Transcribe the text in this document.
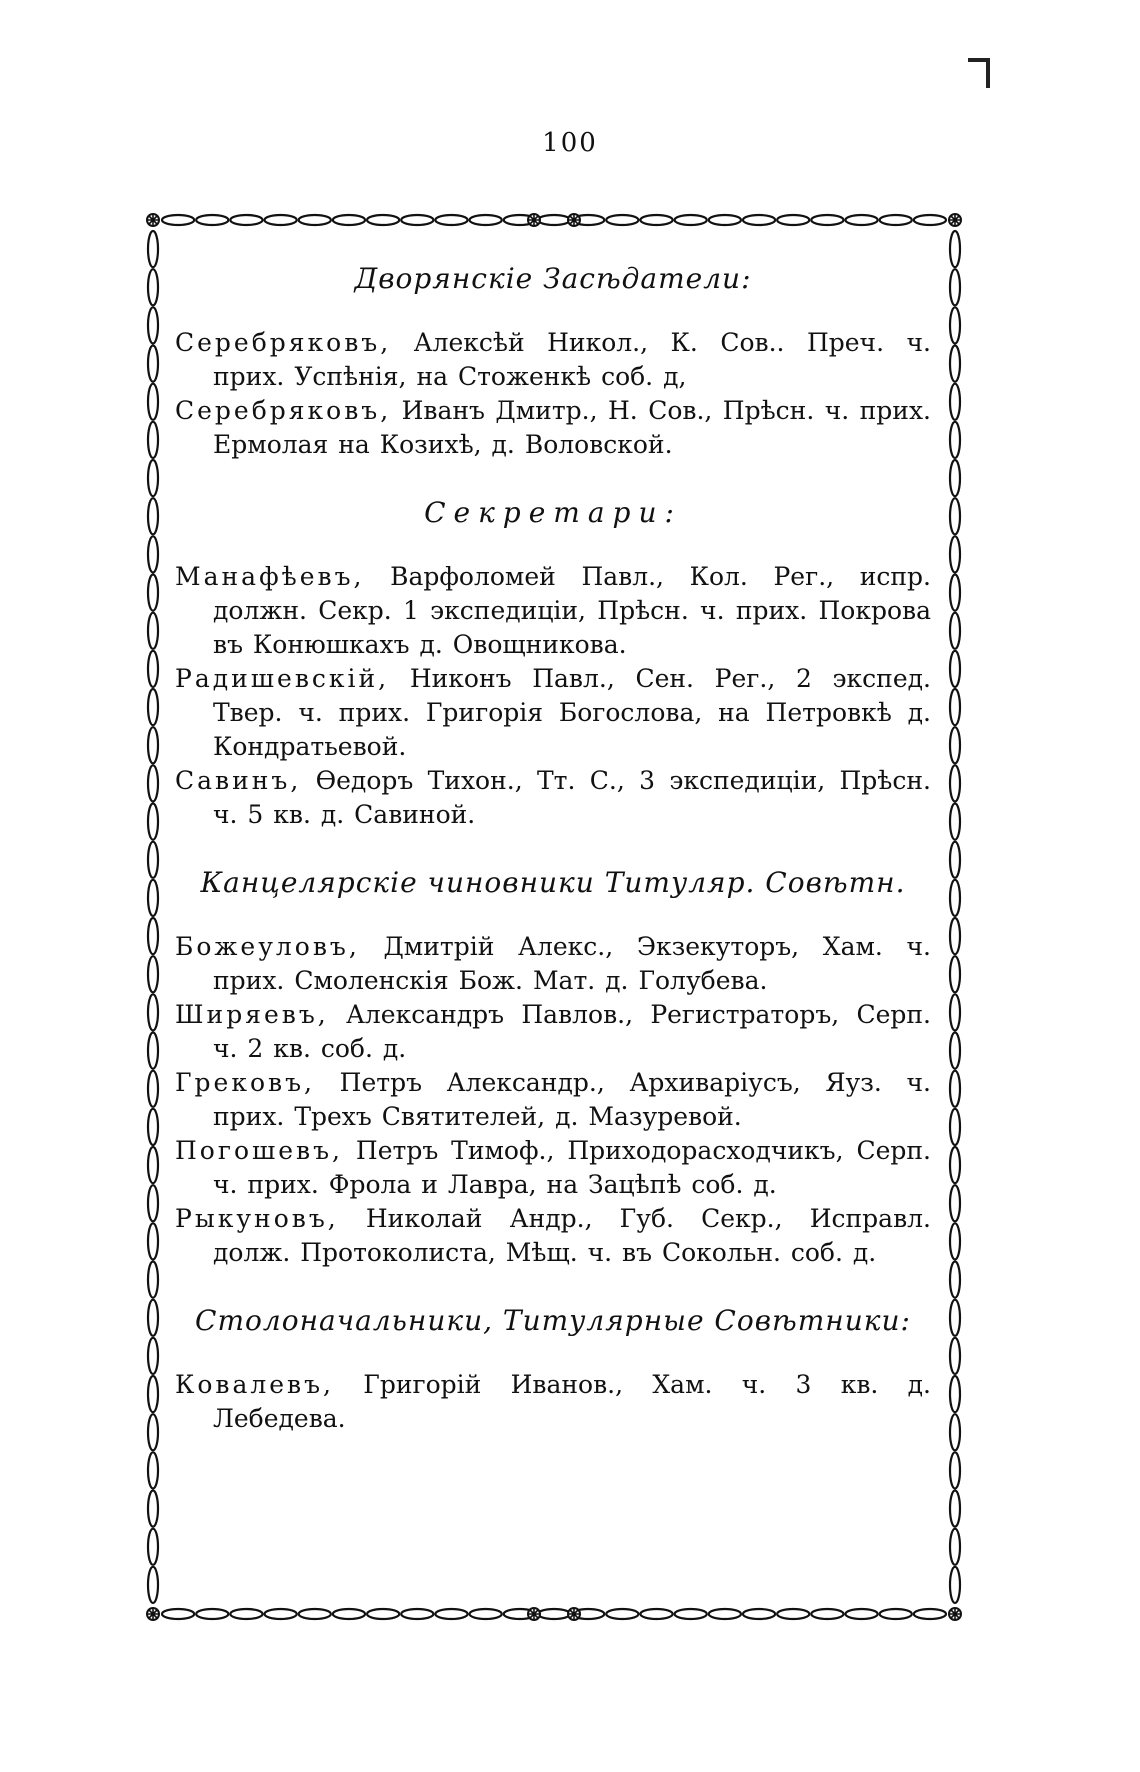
100
Дворянскіе Засѣдатели:

Серебряковъ, Алексѣй Никол., К. Сов.. Преч. ч. прих. Успѣнія, на Стоженкѣ соб. д,

Серебряковъ, Иванъ Дмитр., Н. Сов., Прѣсн. ч. прих. Ермолая на Козихѣ, д. Воловской.

Секретари:

Манафѣевъ, Варфоломей Павл., Кол. Рег., испр. должн. Секр. 1 экспедиціи, Прѣсн. ч. прих. Покрова въ Конюшкахъ д. Овощникова.

Радишевскій, Никонъ Павл., Сен. Рег., 2 экспед. Твер. ч. прих. Григорія Богослова, на Петровкѣ д. Кондратьевой.

Савинъ, Ѳедоръ Тихон., Тт. С., 3 экспедиціи, Прѣсн. ч. 5 кв. д. Савиной.

Канцелярскіе чиновники Титуляр. Совѣтн.

Божеуловъ, Дмитрій Алекс., Экзекуторъ, Хам. ч. прих. Смоленскія Бож. Мат. д. Голубева.

Ширяевъ, Александръ Павлов., Регистраторъ, Серп. ч. 2 кв. соб. д.

Грековъ, Петръ Александр., Архиваріусъ, Яуз. ч. прих. Трехъ Святителей, д. Мазуревой.

Погошевъ, Петръ Тимоф., Приходорасходчикъ, Серп. ч. прих. Фрола и Лавра, на Зацѣпѣ соб. д.

Рыкуновъ, Николай Андр., Губ. Секр., Исправл. долж. Протоколиста, Мѣщ. ч. въ Сокольн. соб. д.

Столоначальники, Титулярные Совѣтники:

Ковалевъ, Григорій Иванов., Хам. ч. 3 кв. д. Лебедева.
